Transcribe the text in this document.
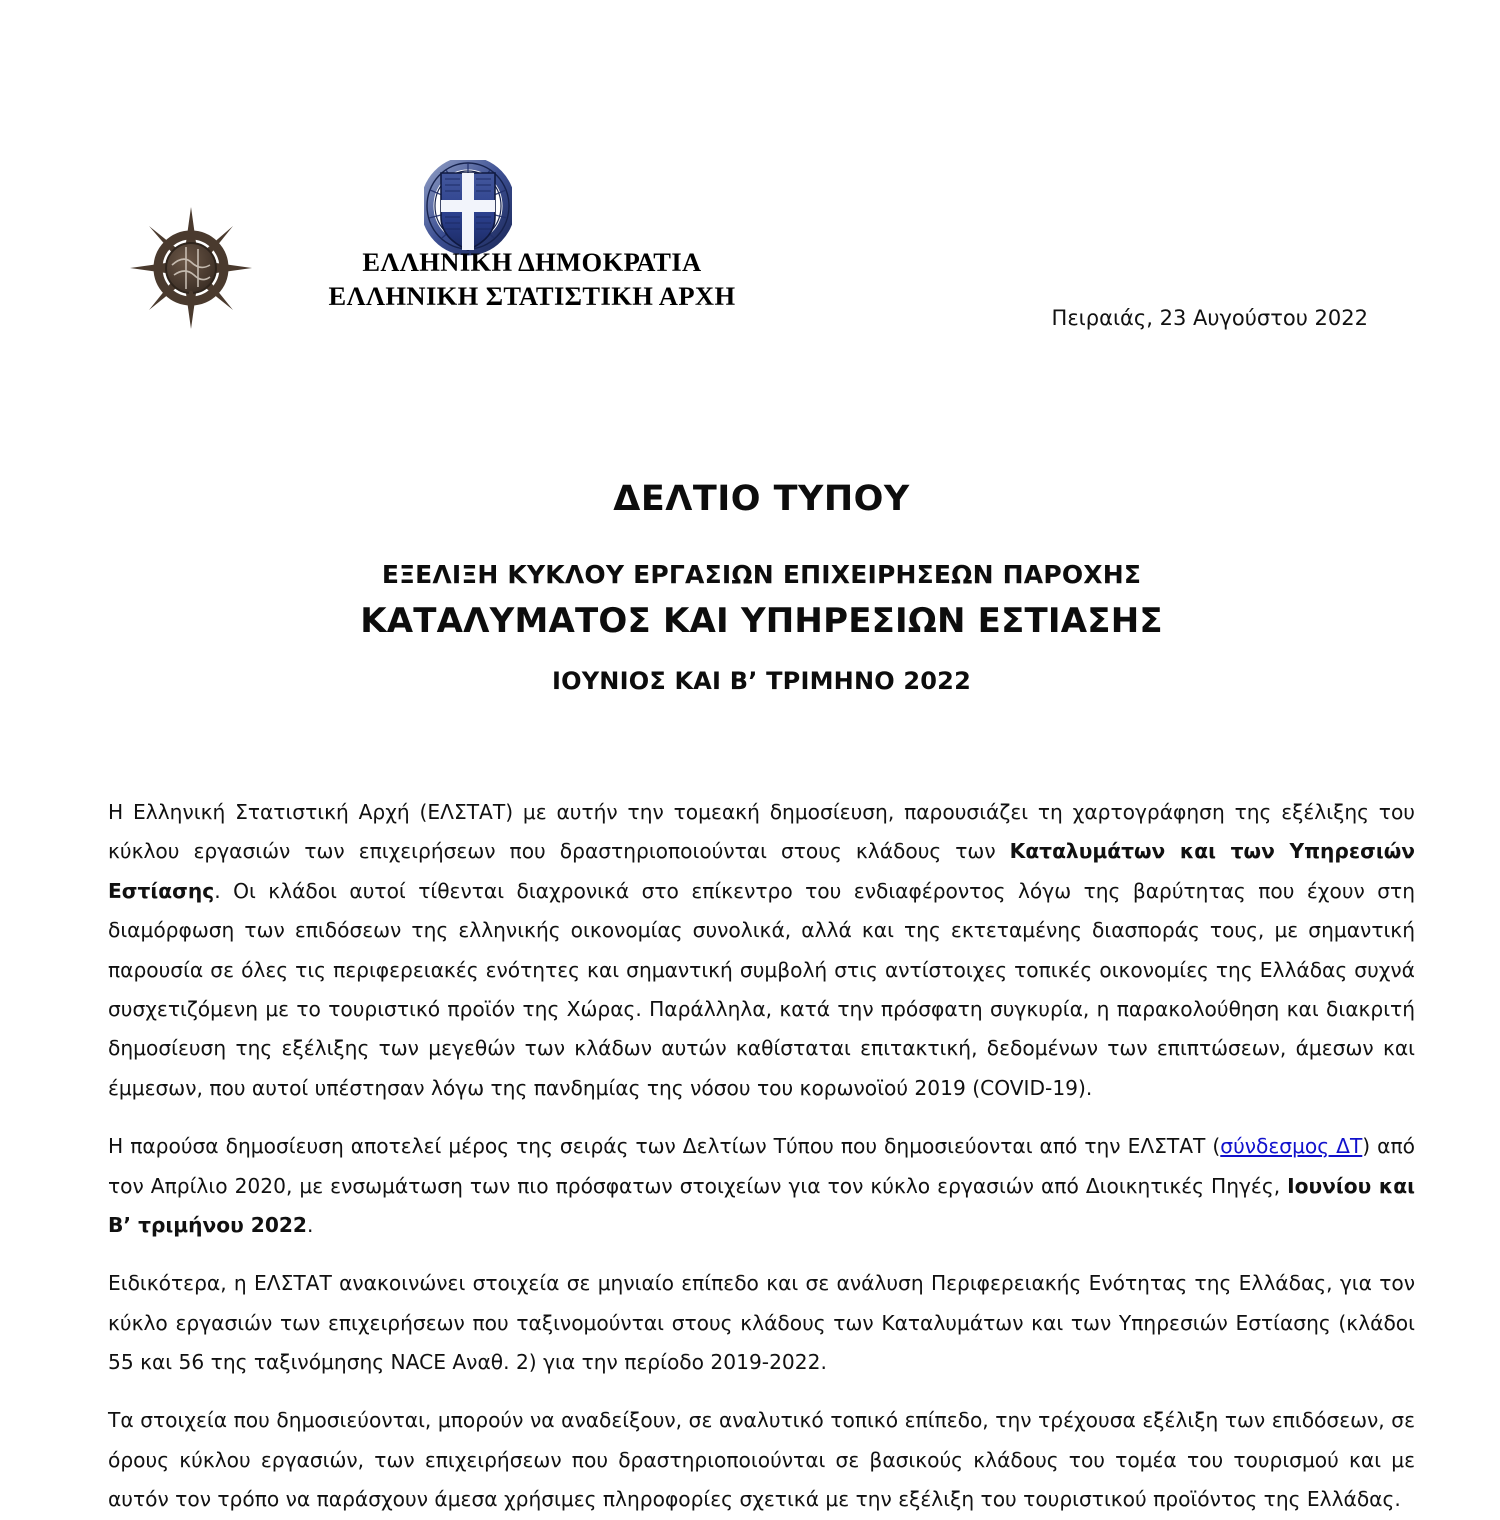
ΕΛΛΗΝΙΚΗ ΔΗΜΟΚΡΑΤΙΑ
ΕΛΛΗΝΙΚΗ ΣΤΑΤΙΣΤΙΚΗ ΑΡΧΗ
Πειραιάς, 23 Αυγούστου 2022
ΔΕΛΤΙΟ ΤΥΠΟΥ
ΕΞΕΛΙΞΗ ΚΥΚΛΟΥ ΕΡΓΑΣΙΩΝ ΕΠΙΧΕΙΡΗΣΕΩΝ ΠΑΡΟΧΗΣ
ΚΑΤΑΛΥΜΑΤΟΣ ΚΑΙ ΥΠΗΡΕΣΙΩΝ ΕΣΤΙΑΣΗΣ
ΙΟΥΝΙΟΣ ΚΑΙ Β’ ΤΡΙΜΗΝΟ 2022

Η Ελληνική Στατιστική Αρχή (ΕΛΣΤΑΤ) με αυτήν την τομεακή δημοσίευση, παρουσιάζει τη χαρτογράφηση της εξέλιξης του κύκλου εργασιών των επιχειρήσεων που δραστηριοποιούνται στους κλάδους των Καταλυμάτων και των Υπηρεσιών Εστίασης. Οι κλάδοι αυτοί τίθενται διαχρονικά στο επίκεντρο του ενδιαφέροντος λόγω της βαρύτητας που έχουν στη διαμόρφωση των επιδόσεων της ελληνικής οικονομίας συνολικά, αλλά και της εκτεταμένης διασποράς τους, με σημαντική παρουσία σε όλες τις περιφερειακές ενότητες και σημαντική συμβολή στις αντίστοιχες τοπικές οικονομίες της Ελλάδας συχνά συσχετιζόμενη με το τουριστικό προϊόν της Χώρας. Παράλληλα, κατά την πρόσφατη συγκυρία, η παρακολούθηση και διακριτή δημοσίευση της εξέλιξης των μεγεθών των κλάδων αυτών καθίσταται επιτακτική, δεδομένων των επιπτώσεων, άμεσων και έμμεσων, που αυτοί υπέστησαν λόγω της πανδημίας της νόσου του κορωνοϊού 2019 (COVID-19).

Η παρούσα δημοσίευση αποτελεί μέρος της σειράς των Δελτίων Τύπου που δημοσιεύονται από την ΕΛΣΤΑΤ (σύνδεσμος ΔΤ) από τον Απρίλιο 2020, με ενσωμάτωση των πιο πρόσφατων στοιχείων για τον κύκλο εργασιών από Διοικητικές Πηγές, Ιουνίου και Β’ τριμήνου 2022.

Ειδικότερα, η ΕΛΣΤΑΤ ανακοινώνει στοιχεία σε μηνιαίο επίπεδο και σε ανάλυση Περιφερειακής Ενότητας της Ελλάδας, για τον κύκλο εργασιών των επιχειρήσεων που ταξινομούνται στους κλάδους των Καταλυμάτων και των Υπηρεσιών Εστίασης (κλάδοι 55 και 56 της ταξινόμησης NACE Αναθ. 2) για την περίοδο 2019-2022.

Τα στοιχεία που δημοσιεύονται, μπορούν να αναδείξουν, σε αναλυτικό τοπικό επίπεδο, την τρέχουσα εξέλιξη των επιδόσεων, σε όρους κύκλου εργασιών, των επιχειρήσεων που δραστηριοποιούνται σε βασικούς κλάδους του τομέα του τουρισμού και με αυτόν τον τρόπο να παράσχουν άμεσα χρήσιμες πληροφορίες σχετικά με την εξέλιξη του τουριστικού προϊόντος της Ελλάδας.
